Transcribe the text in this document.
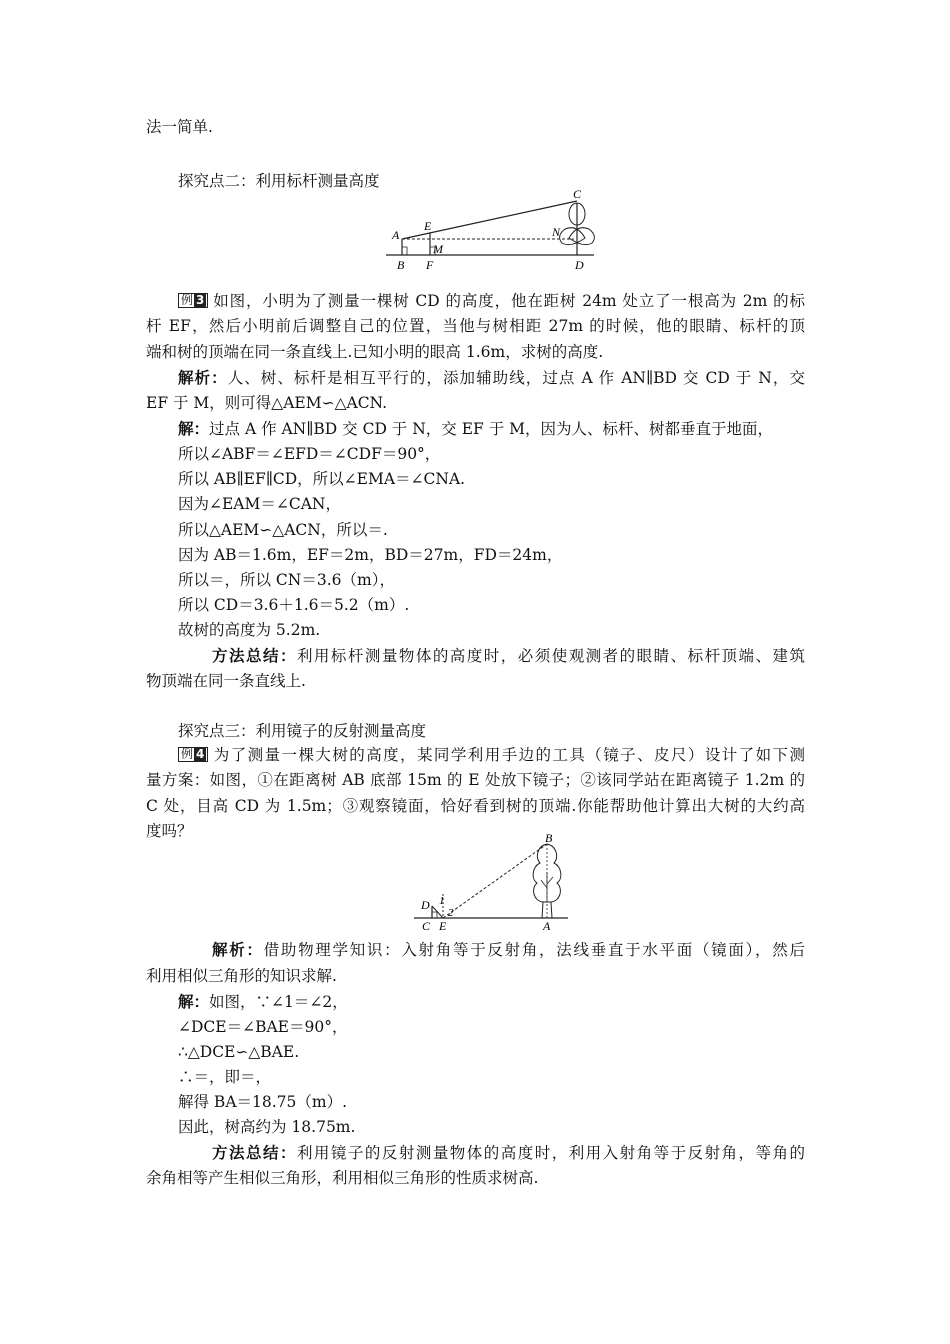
法一简单.
探究点二：利用标杆测量高度
A
B
E
F
M
N
C
D
例 3 如图，小明为了测量一棵树 CD 的高度，他在距树 24m 处立了一根高为 2m 的标
杆 EF，然后小明前后调整自己的位置，当他与树相距 27m 的时候，他的眼睛、标杆的顶
端和树的顶端在同一条直线上.已知小明的眼高 1.6m，求树的高度.
解析：人、树、标杆是相互平行的，添加辅助线，过点 A 作 AN∥BD 交 CD 于 N，交
EF 于 M，则可得△AEM∽△ACN.
解：过点 A 作 AN∥BD 交 CD 于 N，交 EF 于 M，因为人、标杆、树都垂直于地面，
所以∠ABF＝∠EFD＝∠CDF＝90°，
所以 AB∥EF∥CD，所以∠EMA＝∠CNA.
因为∠EAM＝∠CAN，
所以△AEM∽△ACN，所以＝.
因为 AB＝1.6m，EF＝2m，BD＝27m，FD＝24m，
所以＝，所以 CN＝3.6（m），
所以 CD＝3.6＋1.6＝5.2（m）.
故树的高度为 5.2m.
方法总结：利用标杆测量物体的高度时，必须使观测者的眼睛、标杆顶端、建筑
物顶端在同一条直线上.
探究点三：利用镜子的反射测量高度
例 4 为了测量一棵大树的高度，某同学利用手边的工具（镜子、皮尺）设计了如下测
量方案：如图，①在距离树 AB 底部 15m 的 E 处放下镜子；②该同学站在距离镜子 1.2m 的
C 处，目高 CD 为 1.5m；③观察镜面，恰好看到树的顶端.你能帮助他计算出大树的大约高
度吗？	B
D 1
2
C E	A
解析：借助物理学知识：入射角等于反射角，法线垂直于水平面（镜面），然后
利用相似三角形的知识求解.
解：如图，∵∠1＝∠2，
∠DCE＝∠BAE＝90°，
∴△DCE∽△BAE.
∴＝，即＝，
解得 BA＝18.75（m）.
因此，树高约为 18.75m.
方法总结：利用镜子的反射测量物体的高度时，利用入射角等于反射角，等角的
余角相等产生相似三角形，利用相似三角形的性质求树高.
